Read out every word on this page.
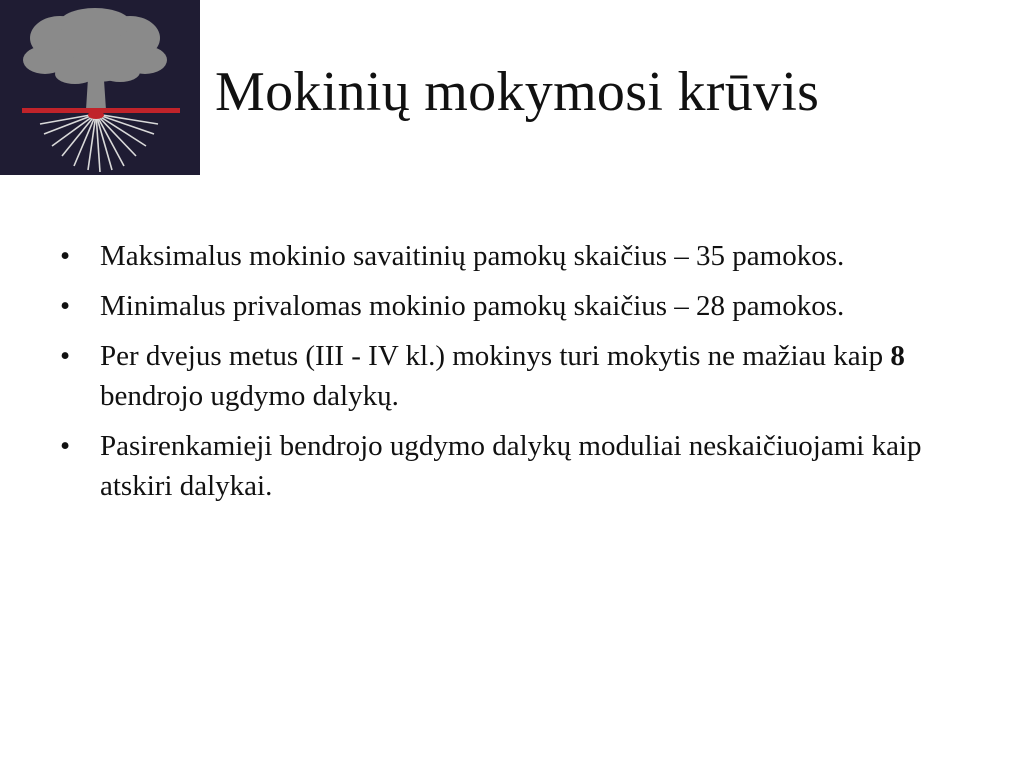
Mokinių mokymosi krūvis
• Maksimalus mokinio savaitinių pamokų skaičius – 35 pamokos.
• Minimalus privalomas mokinio pamokų skaičius – 28 pamokos.
• Per dvejus metus (III - IV kl.) mokinys turi mokytis ne mažiau kaip 8 bendrojo ugdymo dalykų.
• Pasirenkamieji bendrojo ugdymo dalykų moduliai neskaičiuojami kaip atskiri dalykai.
